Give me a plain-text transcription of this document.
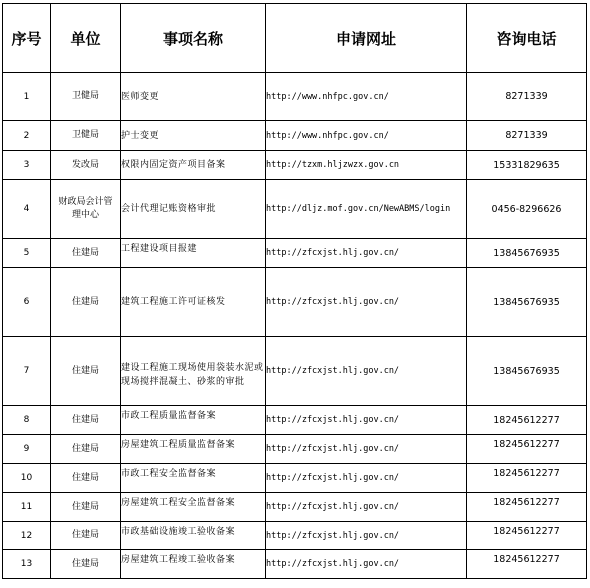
序号	单位	事项名称	申请网址	咨询电话
1	卫健局	医师变更	http://www.nhfpc.gov.cn/	8271339
2	卫健局	护士变更	http://www.nhfpc.gov.cn/	8271339
3	发改局	权限内固定资产项目备案	http://tzxm.hljzwzx.gov.cn	15331829635
4	财政局会计管理中心	会计代理记账资格审批	http://dljz.mof.gov.cn/NewABMS/login	0456-8296626
5	住建局	工程建设项目报建	http://zfcxjst.hlj.gov.cn/	13845676935
6	住建局	建筑工程施工许可证核发	http://zfcxjst.hlj.gov.cn/	13845676935
7	住建局	建设工程施工现场使用袋装水泥或现场搅拌混凝土、砂浆的审批	http://zfcxjst.hlj.gov.cn/	13845676935
8	住建局	市政工程质量监督备案	http://zfcxjst.hlj.gov.cn/	18245612277
9	住建局	房屋建筑工程质量监督备案	http://zfcxjst.hlj.gov.cn/	18245612277
10	住建局	市政工程安全监督备案	http://zfcxjst.hlj.gov.cn/	18245612277
11	住建局	房屋建筑工程安全监督备案	http://zfcxjst.hlj.gov.cn/	18245612277
12	住建局	市政基础设施竣工验收备案	http://zfcxjst.hlj.gov.cn/	18245612277
13	住建局	房屋建筑工程竣工验收备案	http://zfcxjst.hlj.gov.cn/	18245612277
